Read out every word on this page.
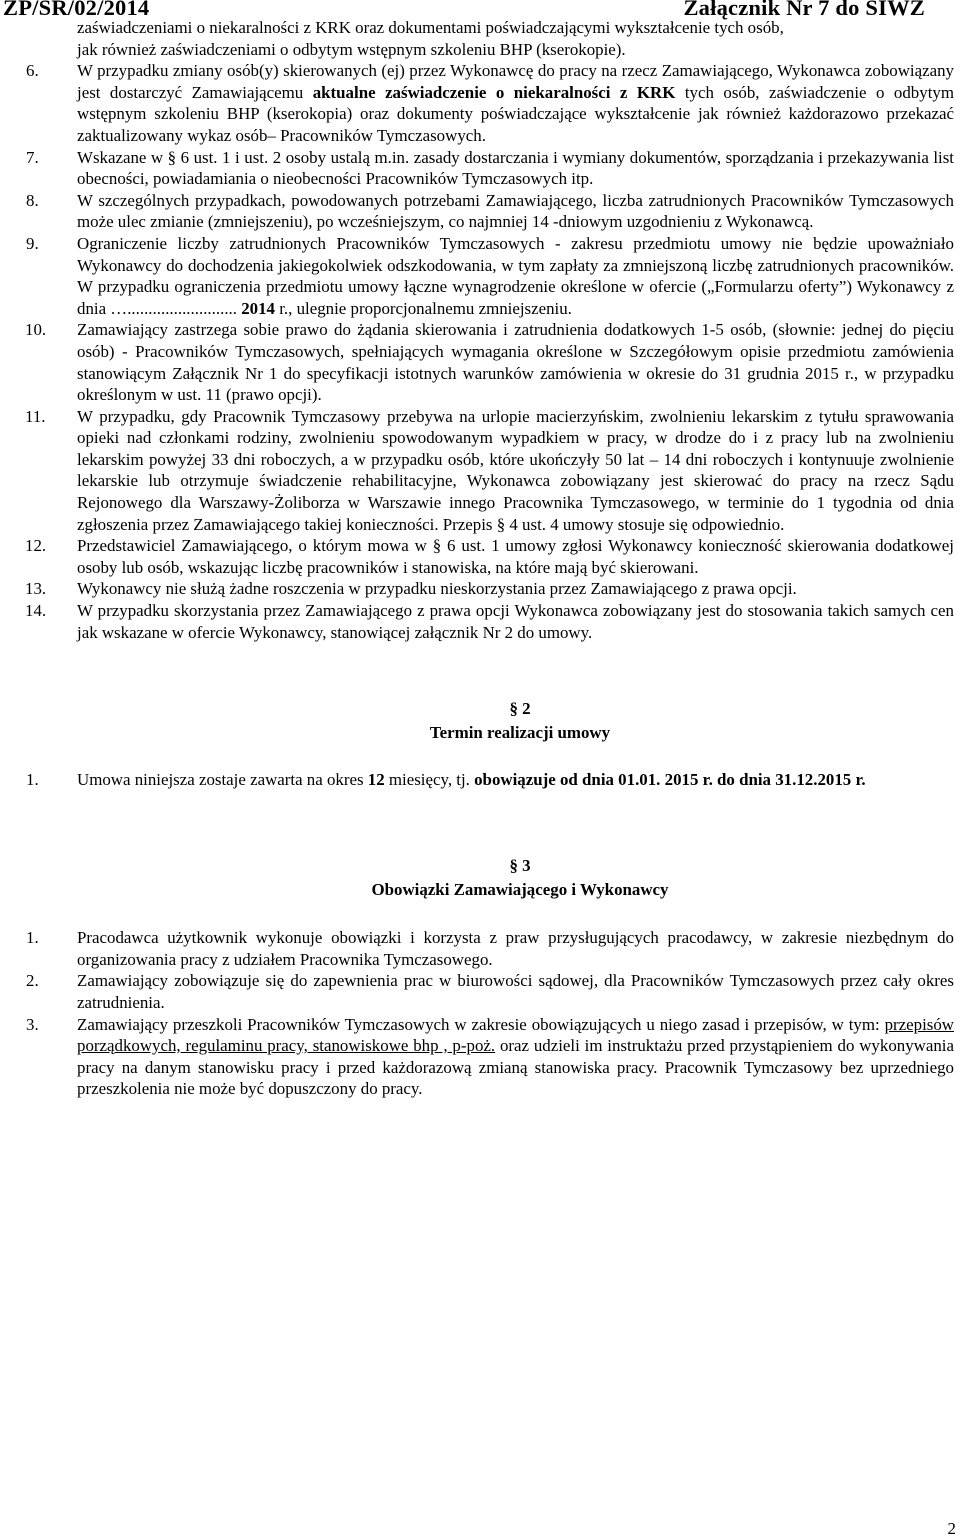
ZP/SR/02/2014	Załącznik Nr 7 do SIWZ

zaświadczeniami o niekaralności z KRK oraz dokumentami poświadczającymi wykształcenie tych osób,
jak również zaświadczeniami o odbytym wstępnym szkoleniu BHP (kserokopie).

6. W przypadku zmiany osób(y) skierowanych (ej) przez Wykonawcę do pracy na rzecz Zamawiającego, Wykonawca zobowiązany jest dostarczyć Zamawiającemu aktualne zaświadczenie o niekaralności z KRK tych osób, zaświadczenie o odbytym wstępnym szkoleniu BHP (kserokopia) oraz dokumenty poświadczające wykształcenie jak również każdorazowo przekazać zaktualizowany wykaz osób– Pracowników Tymczasowych.

7. Wskazane w § 6 ust. 1 i ust. 2 osoby ustalą m.in. zasady dostarczania i wymiany dokumentów, sporządzania i przekazywania list obecności, powiadamiania o nieobecności Pracowników Tymczasowych itp.

8. W szczególnych przypadkach, powodowanych potrzebami Zamawiającego, liczba zatrudnionych Pracowników Tymczasowych może ulec zmianie (zmniejszeniu), po wcześniejszym, co najmniej 14 -dniowym uzgodnieniu z Wykonawcą.

9. Ograniczenie liczby zatrudnionych Pracowników Tymczasowych - zakresu przedmiotu umowy nie będzie upoważniało Wykonawcy do dochodzenia jakiegokolwiek odszkodowania, w tym zapłaty za zmniejszoną liczbę zatrudnionych pracowników. W przypadku ograniczenia przedmiotu umowy łączne wynagrodzenie określone w ofercie („Formularzu oferty”) Wykonawcy z dnia ….......................... 2014 r., ulegnie proporcjonalnemu zmniejszeniu.

10. Zamawiający zastrzega sobie prawo do żądania skierowania i zatrudnienia dodatkowych 1-5 osób, (słownie: jednej do pięciu osób) - Pracowników Tymczasowych, spełniających wymagania określone w Szczegółowym opisie przedmiotu zamówienia stanowiącym Załącznik Nr 1 do specyfikacji istotnych warunków zamówienia w okresie do 31 grudnia 2015 r., w przypadku określonym w ust. 11 (prawo opcji).

11. W przypadku, gdy Pracownik Tymczasowy przebywa na urlopie macierzyńskim, zwolnieniu lekarskim z tytułu sprawowania opieki nad członkami rodziny, zwolnieniu spowodowanym wypadkiem w pracy, w drodze do i z pracy lub na zwolnieniu lekarskim powyżej 33 dni roboczych, a w przypadku osób, które ukończyły 50 lat – 14 dni roboczych i kontynuuje zwolnienie lekarskie lub otrzymuje świadczenie rehabilitacyjne, Wykonawca zobowiązany jest skierować do pracy na rzecz Sądu Rejonowego dla Warszawy-Żoliborza w Warszawie innego Pracownika Tymczasowego, w terminie do 1 tygodnia od dnia zgłoszenia przez Zamawiającego takiej konieczności. Przepis § 4 ust. 4 umowy stosuje się odpowiednio.

12. Przedstawiciel Zamawiającego, o którym mowa w § 6 ust. 1 umowy zgłosi Wykonawcy konieczność skierowania dodatkowej osoby lub osób, wskazując liczbę pracowników i stanowiska, na które mają być skierowani.

13. Wykonawcy nie służą żadne roszczenia w przypadku nieskorzystania przez Zamawiającego z prawa opcji.

14. W przypadku skorzystania przez Zamawiającego z prawa opcji Wykonawca zobowiązany jest do stosowania takich samych cen jak wskazane w ofercie Wykonawcy, stanowiącej załącznik Nr 2 do umowy.

§ 2

Termin realizacji umowy

1. Umowa niniejsza zostaje zawarta na okres 12 miesięcy, tj. obowiązuje od dnia 01.01. 2015 r. do dnia 31.12.2015 r.

§ 3

Obowiązki Zamawiającego i Wykonawcy

1. Pracodawca użytkownik wykonuje obowiązki i korzysta z praw przysługujących pracodawcy, w zakresie niezbędnym do organizowania pracy z udziałem Pracownika Tymczasowego.

2. Zamawiający zobowiązuje się do zapewnienia prac w biurowości sądowej, dla Pracowników Tymczasowych przez cały okres zatrudnienia.

3. Zamawiający przeszkoli Pracowników Tymczasowych w zakresie obowiązujących u niego zasad i przepisów, w tym: przepisów porządkowych, regulaminu pracy, stanowiskowe bhp , p-poż. oraz udzieli im instruktażu przed przystąpieniem do wykonywania pracy na danym stanowisku pracy i przed każdorazową zmianą stanowiska pracy. Pracownik Tymczasowy bez uprzedniego przeszkolenia nie może być dopuszczony do pracy.

2
